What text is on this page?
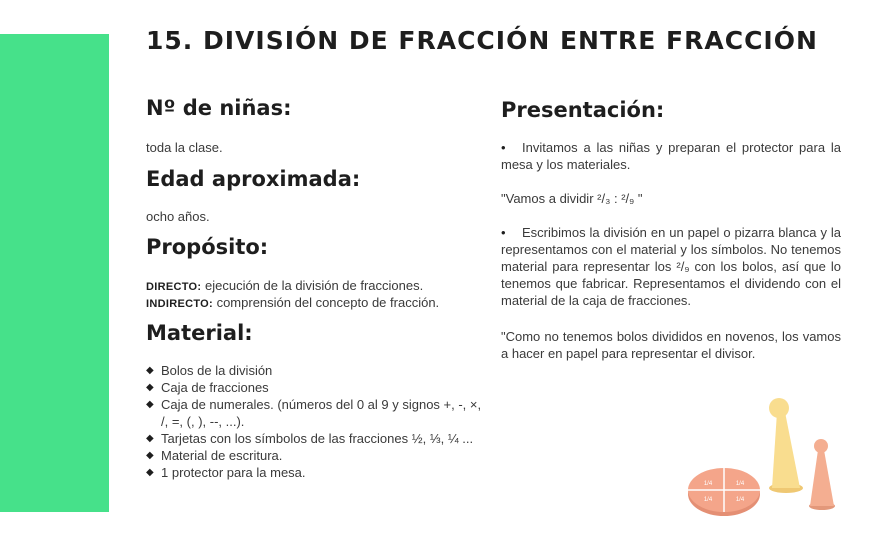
15. DIVISIÓN DE FRACCIÓN ENTRE FRACCIÓN
Nº de niñas:
toda la clase.
Edad aproximada:
ocho años.
Propósito:
DIRECTO: ejecución de la división de fracciones.
INDIRECTO: comprensión del concepto de fracción.
Material:
◆ Bolos de la división
◆ Caja de fracciones
◆ Caja de numerales. (números del 0 al 9 y signos +, -, ×, /, =, (, ), --, ...).
◆ Tarjetas con los símbolos de las fracciones ½, ⅓, ¼ ...
◆ Material de escritura.
◆ 1 protector para la mesa.
Presentación:
• Invitamos a las niñas y preparan el protector para la mesa y los materiales.
"Vamos a dividir ²/₃ : ²/₉ "
• Escribimos la división en un papel o pizarra blanca y la representamos con el material y los símbolos. No tenemos material para representar los ²/₉ con los bolos, así que lo tenemos que fabricar. Representamos el dividendo con el material de la caja de fracciones.
"Como no tenemos bolos divididos en novenos, los vamos a hacer en papel para representar el divisor.
1/4	1/4
1/4	1/4
